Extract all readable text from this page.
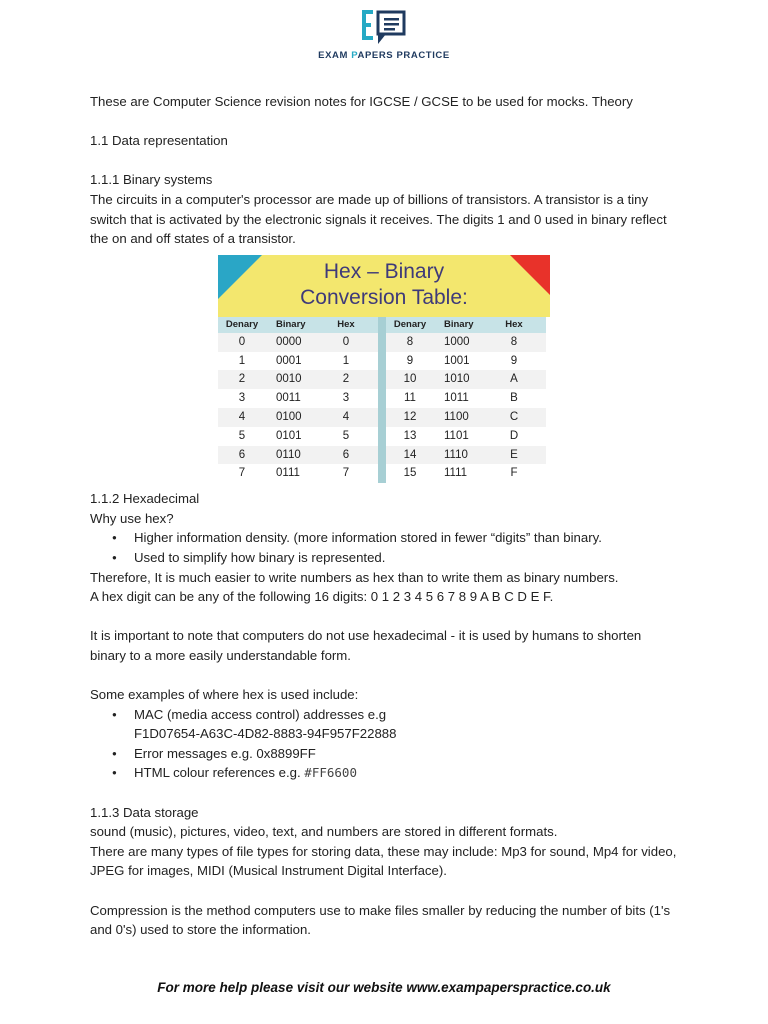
EXAM PAPERS PRACTICE

These are Computer Science revision notes for IGCSE / GCSE to be used for mocks. Theory

1.1 Data representation

1.1.1 Binary systems

The circuits in a computer's processor are made up of billions of transistors. A transistor is a tiny switch that is activated by the electronic signals it receives. The digits 1 and 0 used in binary reflect the on and off states of a transistor.

Hex – Binary
Conversion Table:
Denary	Binary	Hex
0	0000	0
1	0001	1
2	0010	2
3	0011	3
4	0100	4
5	0101	5
6	0110	6
7	0111	7
Denary	Binary	Hex
8	1000	8
9	1001	9
10	1010	A
11	1011	B
12	1100	C
13	1101	D
14	1110	E
15	1111	F

1.1.2 Hexadecimal

Why use hex?

● Higher information density. (more information stored in fewer “digits” than binary.
● Used to simplify how binary is represented.

Therefore, It is much easier to write numbers as hex than to write them as binary numbers.

A hex digit can be any of the following 16 digits: 0 1 2 3 4 5 6 7 8 9 A B C D E F.

It is important to note that computers do not use hexadecimal - it is used by humans to shorten binary to a more easily understandable form.

Some examples of where hex is used include:

● MAC (media access control) addresses e.g
F1D07654-A63C-4D82-8883-94F957F22888
● Error messages e.g. 0x8899FF
● HTML colour references e.g. #FF6600

1.1.3 Data storage

sound (music), pictures, video, text, and numbers are stored in different formats.

There are many types of file types for storing data, these may include: Mp3 for sound, Mp4 for video, JPEG for images, MIDI (Musical Instrument Digital Interface).

Compression is the method computers use to make files smaller by reducing the number of bits (1's and 0's) used to store the information.

For more help please visit our website www.exampaperspractice.co.uk
